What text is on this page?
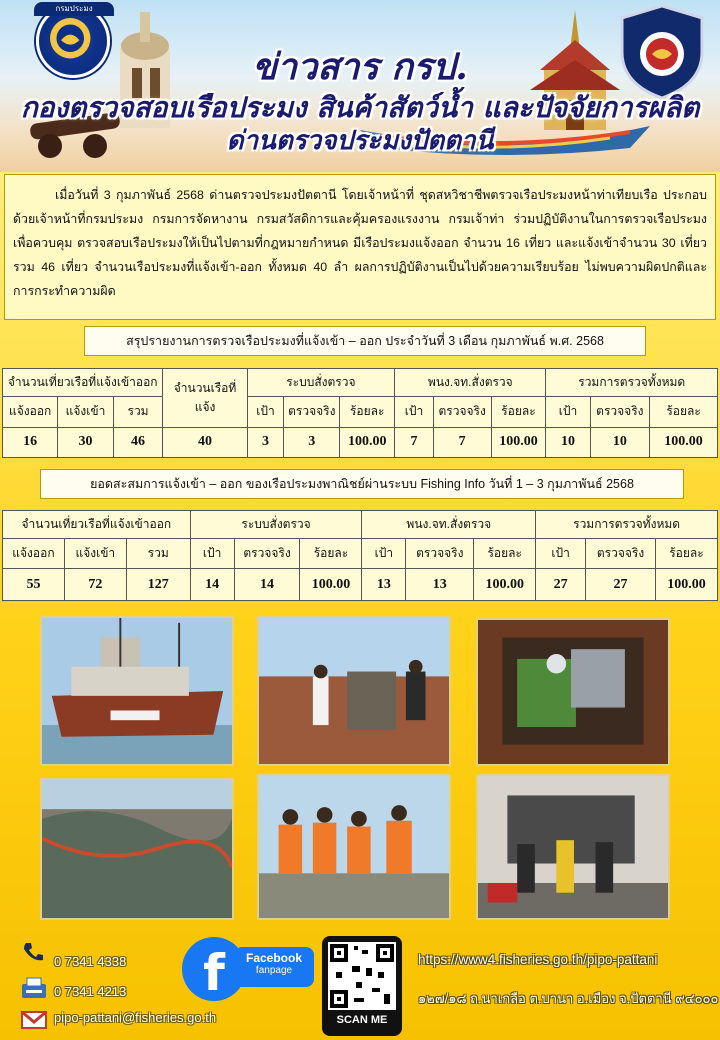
กรมประมง
ข่าวสาร กรป.
กองตรวจสอบเรือประมง สินค้าสัตว์น้ำ และปัจจัยการผลิต
ด่านตรวจประมงปัตตานี

เมื่อวันที่ 3 กุมภาพันธ์ 2568 ด่านตรวจประมงปัตตานี โดยเจ้าหน้าที่ ชุดสหวิชาชีพตรวจเรือประมงหน้าท่าเทียบเรือ ประกอบด้วยเจ้าหน้าที่กรมประมง กรมการจัดหางาน กรมสวัสดิการและคุ้มครองแรงงาน กรมเจ้าท่า ร่วมปฏิบัติงานในการตรวจเรือประมง เพื่อควบคุม ตรวจสอบเรือประมงให้เป็นไปตามที่กฎหมายกำหนด มีเรือประมงแจ้งออก จำนวน 16 เที่ยว และแจ้งเข้าจำนวน 30 เที่ยว รวม 46 เที่ยว จำนวนเรือประมงที่แจ้งเข้า-ออก ทั้งหมด 40 ลำ ผลการปฏิบัติงานเป็นไปด้วยความเรียบร้อย ไม่พบความผิดปกติและการกระทำความผิด

สรุปรายงานการตรวจเรือประมงที่แจ้งเข้า – ออก ประจำวันที่ 3 เดือน กุมภาพันธ์ พ.ศ. 2568
จำนวนเที่ยวเรือที่แจ้งเข้าออก			จำนวนเรือที่แจ้ง	ระบบสั่งตรวจ			พนง.จท.สั่งตรวจ			รวมการตรวจทั้งหมด		
แจ้งออก	แจ้งเข้า	รวม		เป้า	ตรวจจริง	ร้อยละ	เป้า	ตรวจจริง	ร้อยละ	เป้า	ตรวจจริง	ร้อยละ
16	30	46	40	3	3	100.00	7	7	100.00	10	10	100.00
ยอดสะสมการแจ้งเข้า – ออก ของเรือประมงพาณิชย์ผ่านระบบ Fishing Info วันที่ 1 – 3 กุมภาพันธ์ 2568
จำนวนเที่ยวเรือที่แจ้งเข้าออก			ระบบสั่งตรวจ			พนง.จท.สั่งตรวจ			รวมการตรวจทั้งหมด		
แจ้งออก	แจ้งเข้า	รวม	เป้า	ตรวจจริง	ร้อยละ	เป้า	ตรวจจริง	ร้อยละ	เป้า	ตรวจจริง	ร้อยละ
55	72	127	14	14	100.00	13	13	100.00	27	27	100.00
0 7341 4338
0 7341 4213
pipo-pattani@fisheries.go.th
Facebook
fanpage
f
SCAN ME
https://www4.fisheries.go.th/pipo-pattani
๑๒๗/๑๘ ถ.นาเกลือ ต.บานา อ.เมือง จ.ปัตตานี ๙๔๐๐๐
